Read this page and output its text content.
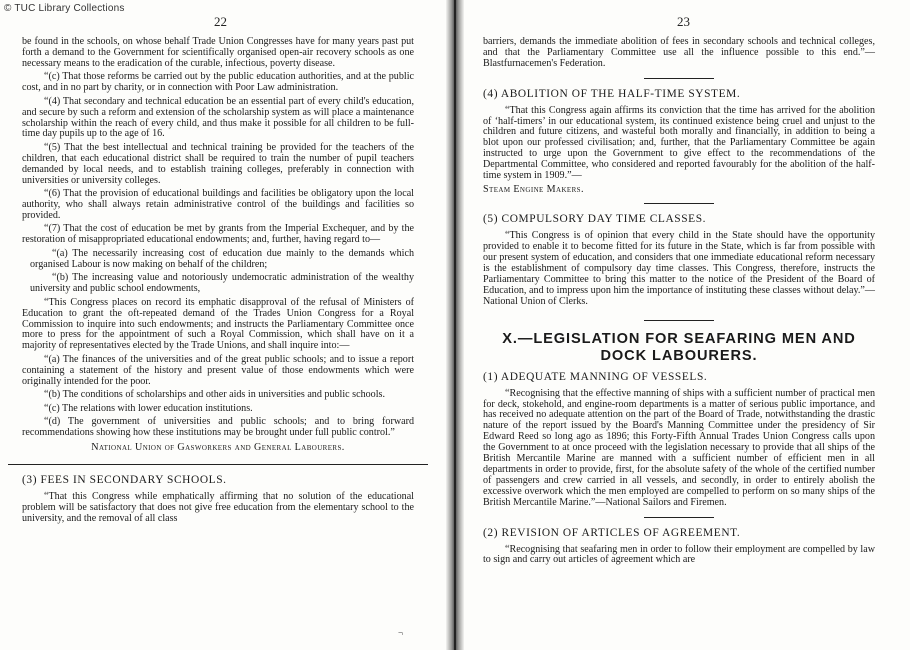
© TUC Library Collections
22	23

be found in the schools, on whose behalf Trade Union Congresses have for many years past put forth a demand to the Government for scientifically organised open-air recovery schools as one necessary means to the eradication of the curable, infectious, poverty disease.

“(c) That those reforms be carried out by the public education authorities, and at the public cost, and in no part by charity, or in connection with Poor Law administration.

“(4) That secondary and technical education be an essential part of every child's education, and secure by such a reform and extension of the scholarship system as will place a maintenance scholarship within the reach of every child, and thus make it possible for all children to be full-time day pupils up to the age of 16.

“(5) That the best intellectual and technical training be provided for the teachers of the children, that each educational district shall be required to train the number of pupil teachers demanded by local needs, and to establish training colleges, preferably in connection with universities or university colleges.

“(6) That the provision of educational buildings and facilities be obligatory upon the local authority, who shall always retain administrative control of the buildings and facilities so provided.

“(7) That the cost of education be met by grants from the Imperial Exchequer, and by the restoration of misappropriated educational endowments; and, further, having regard to—

“(a) The necessarily increasing cost of education due mainly to the demands which organised Labour is now making on behalf of the children;

“(b) The increasing value and notoriously undemocratic administration of the wealthy university and public school endowments,

“This Congress places on record its emphatic disapproval of the refusal of Ministers of Education to grant the oft-repeated demand of the Trades Union Congress for a Royal Commission to inquire into such endowments; and instructs the Parliamentary Committee once more to press for the appointment of such a Royal Commission, which shall have on it a majority of representatives elected by the Trade Unions, and shall inquire into:—

“(a) The finances of the universities and of the great public schools; and to issue a report containing a statement of the history and present value of those endowments which were originally intended for the poor.

“(b) The conditions of scholarships and other aids in universities and public schools.

“(c) The relations with lower education institutions.

“(d) The government of universities and public schools; and to bring forward recommendations showing how these institutions may be brought under full public control.”

National Union of Gasworkers and General Labourers.

(3) FEES IN SECONDARY SCHOOLS.

“That this Congress while emphatically affirming that no solution of the educational problem will be satisfactory that does not give free education from the elementary school to the university, and the removal of all class

¬

barriers, demands the immediate abolition of fees in secondary schools and technical colleges, and that the Parliamentary Committee use all the influence possible to this end.”—Blastfurnacemen's Federation.

(4) ABOLITION OF THE HALF-TIME SYSTEM.

“That this Congress again affirms its conviction that the time has arrived for the abolition of ‘half-timers’ in our educational system, its continued existence being cruel and unjust to the children and future citizens, and wasteful both morally and financially, in addition to being a blot upon our professed civilisation; and, further, that the Parliamentary Committee be again instructed to urge upon the Government to give effect to the recommendations of the Departmental Committee, who considered and reported favourably for the abolition of the half-time system in 1909.”—

Steam Engine Makers.

(5) COMPULSORY DAY TIME CLASSES.

“This Congress is of opinion that every child in the State should have the opportunity provided to enable it to become fitted for its future in the State, which is far from possible with our present system of education, and considers that one immediate educational reform necessary is the establishment of compulsory day time classes. This Congress, therefore, instructs the Parliamentary Committee to bring this matter to the notice of the President of the Board of Education, and to impress upon him the importance of instituting these classes without delay.”—National Union of Clerks.

X.—LEGISLATION FOR SEAFARING MEN AND DOCK LABOURERS.

(1) ADEQUATE MANNING OF VESSELS.

“Recognising that the effective manning of ships with a sufficient number of practical men for deck, stokehold, and engine-room departments is a matter of serious public importance, and has received no adequate attention on the part of the Board of Trade, notwithstanding the drastic nature of the report issued by the Board's Manning Committee under the presidency of Sir Edward Reed so long ago as 1896; this Forty-Fifth Annual Trades Union Congress calls upon the Government to at once proceed with the legislation necessary to provide that all ships of the British Mercantile Marine are manned with a sufficient number of efficient men in all departments in order to provide, first, for the absolute safety of the whole of the certified number of passengers and crew carried in all vessels, and secondly, in order to entirely abolish the excessive overwork which the men employed are compelled to perform on so many ships of the British Mercantile Marine.”—National Sailors and Firemen.

(2) REVISION OF ARTICLES OF AGREEMENT.

“Recognising that seafaring men in order to follow their employment are compelled by law to sign and carry out articles of agreement which are
